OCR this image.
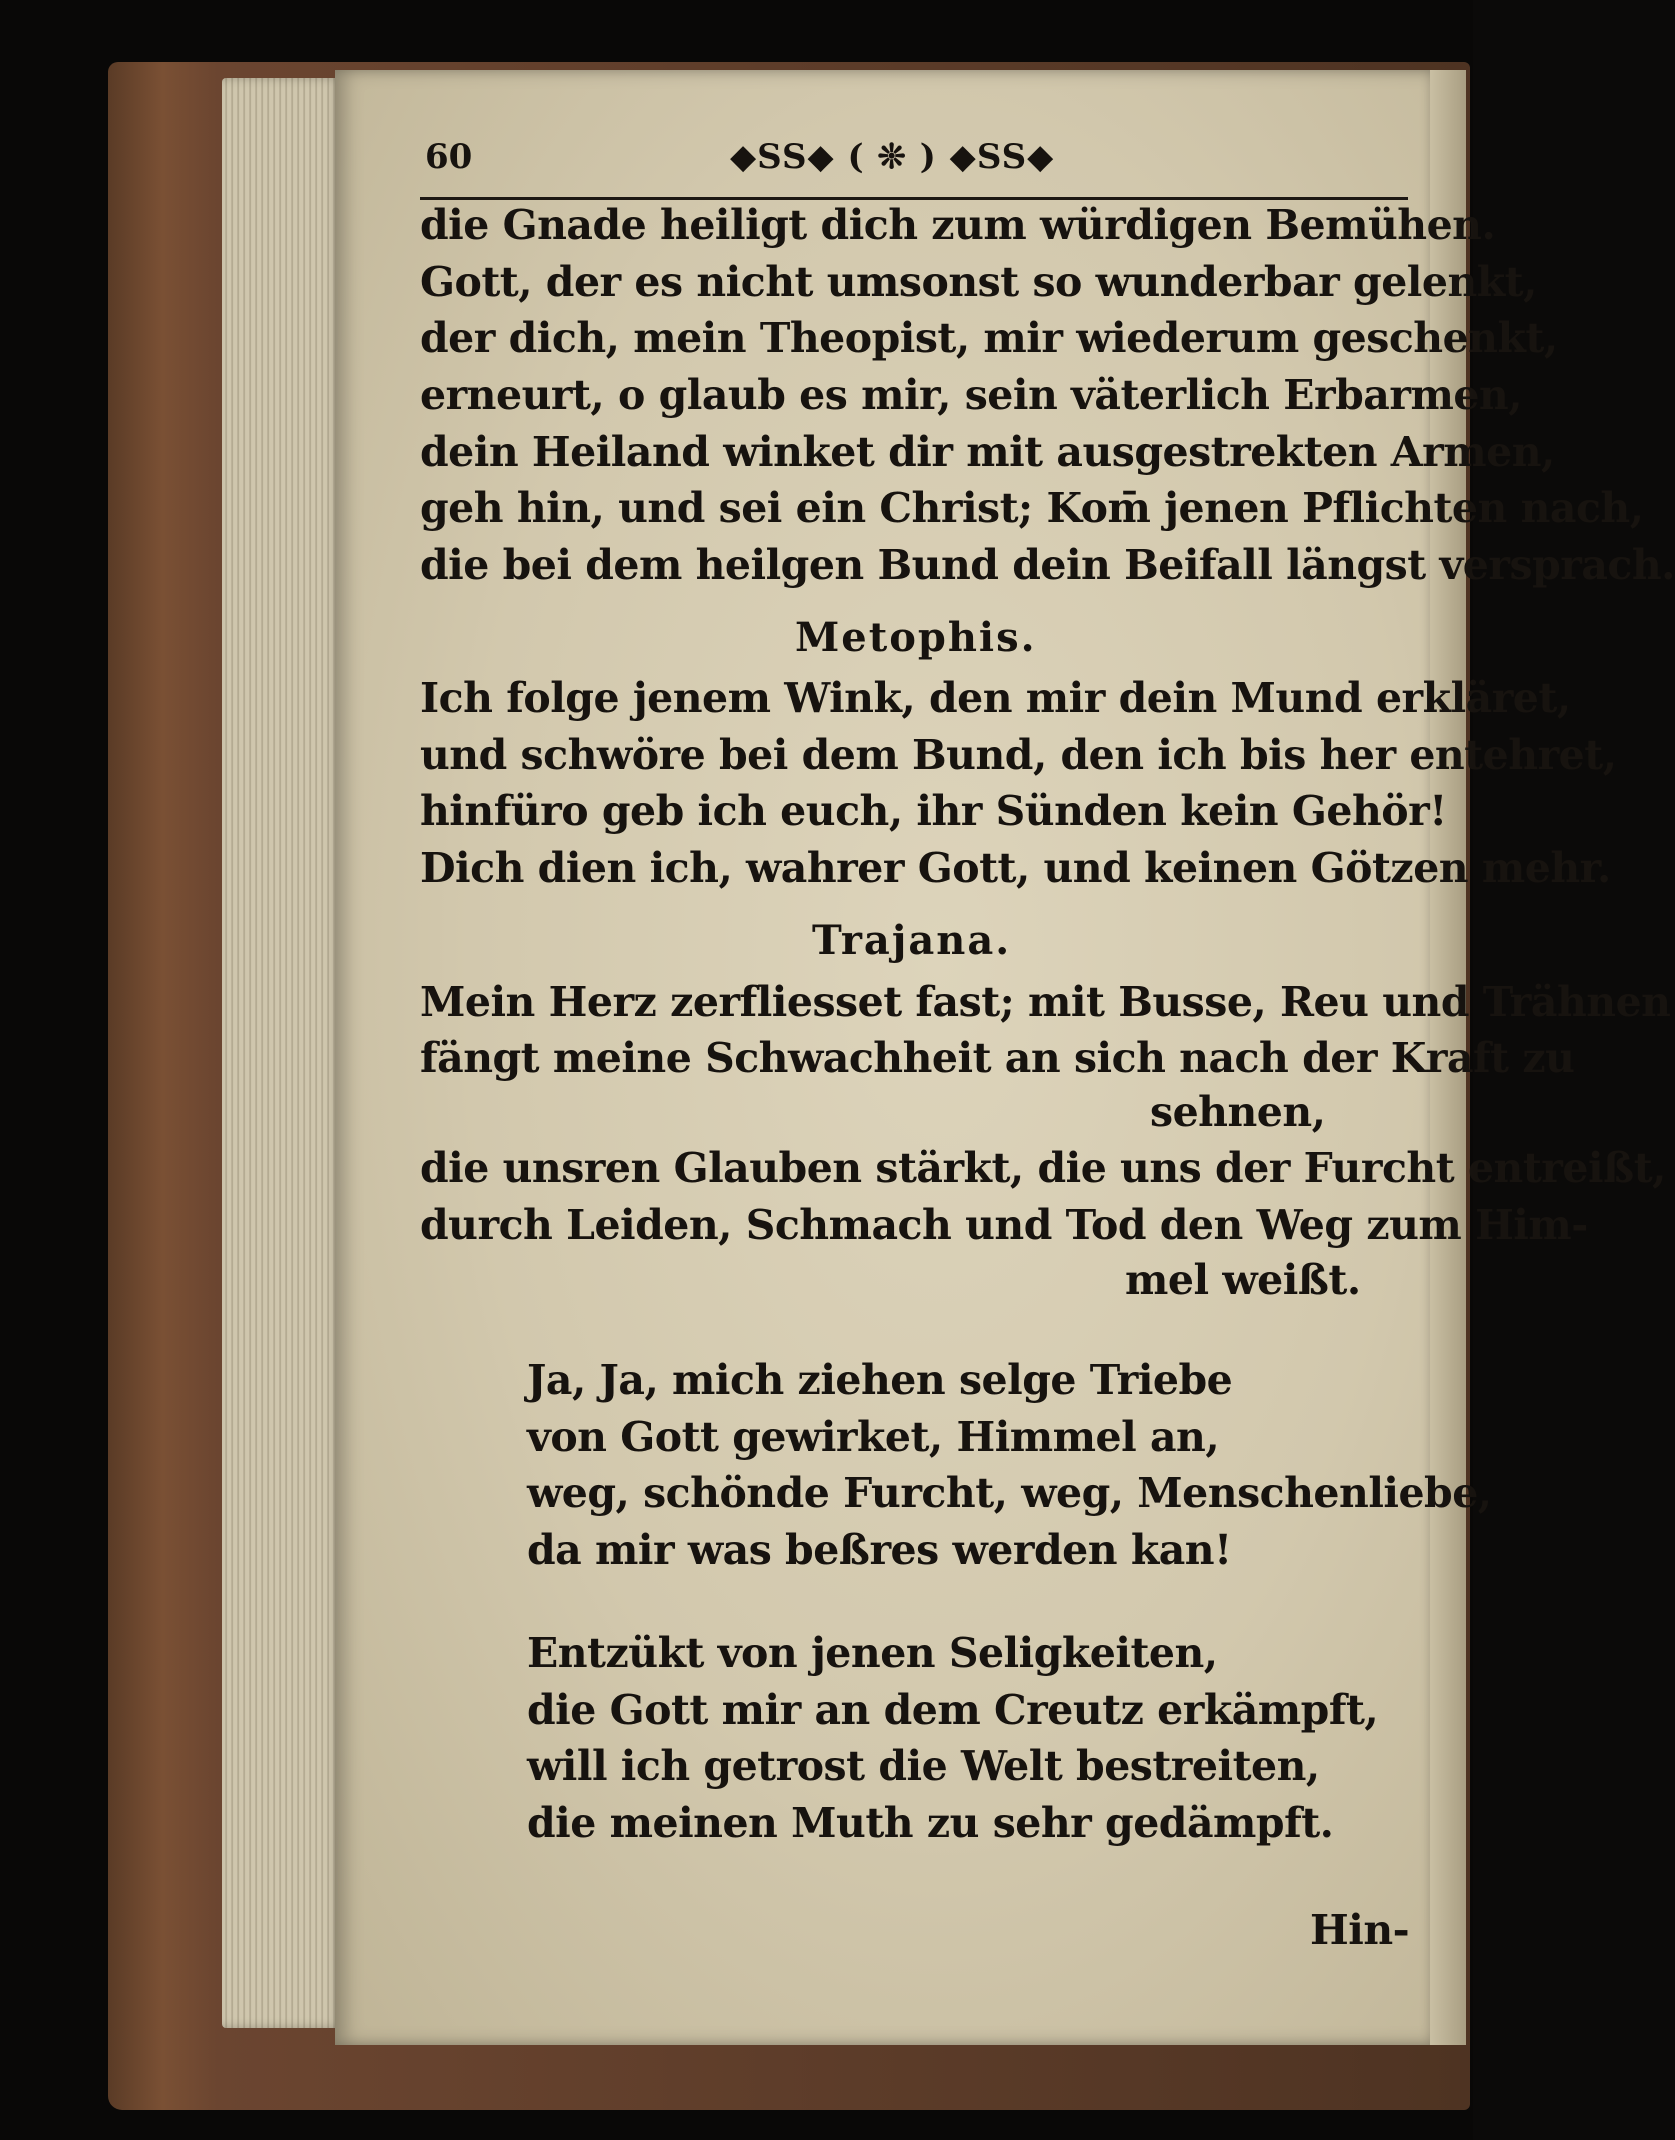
60	◆SS◆ ( ❊ ) ◆SS◆
die Gnade heiligt dich zum würdigen Bemühen.
Gott, der es nicht umsonst so wunderbar gelenkt,
der dich, mein Theopist, mir wiederum geschenkt,
erneurt, o glaub es mir, sein väterlich Erbarmen,
dein Heiland winket dir mit ausgestrekten Armen,
geh hin, und sei ein Christ; Kom̄ jenen Pflichten nach,
die bei dem heilgen Bund dein Beifall längst versprach.
Metophis.
Ich folge jenem Wink, den mir dein Mund erkläret,
und schwöre bei dem Bund, den ich bis her entehret,
hinfüro geb ich euch, ihr Sünden kein Gehör!
Dich dien ich, wahrer Gott, und keinen Götzen mehr.
Trajana.
Mein Herz zerfliesset fast; mit Busse, Reu und Trähnen
fängt meine Schwachheit an sich nach der Kraft zu
sehnen,
die unsren Glauben stärkt, die uns der Furcht entreißt,
durch Leiden, Schmach und Tod den Weg zum Him-
mel weißt.
Ja, Ja, mich ziehen selge Triebe
von Gott gewirket, Himmel an,
weg, schönde Furcht, weg, Menschenliebe,
da mir was beßres werden kan!
Entzükt von jenen Seligkeiten,
die Gott mir an dem Creutz erkämpft,
will ich getrost die Welt bestreiten,
die meinen Muth zu sehr gedämpft.
Hin-
